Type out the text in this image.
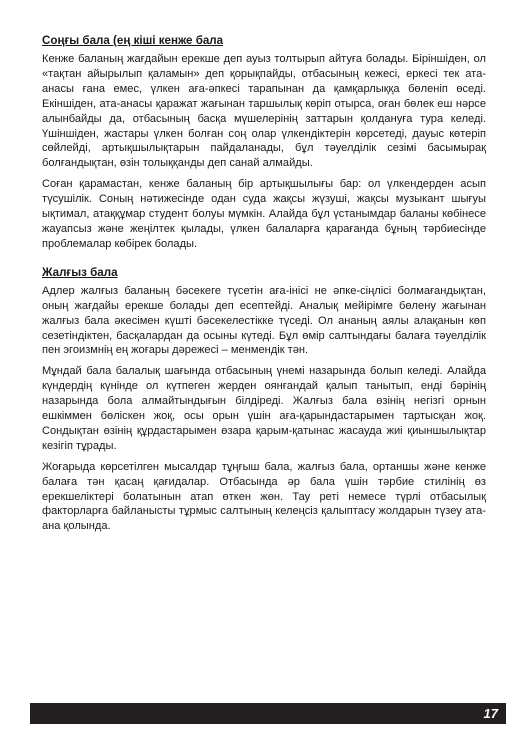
Соңғы бала (ең кіші кенже бала

Кенже баланың жағдайын ерекше деп ауыз толтырып айтуға болады. Біріншіден, ол «тақтан айырылып қаламын» деп қорықпайды, отбасының кежесі, еркесі тек ата-анасы ғана емес, үлкен аға-әпкесі тарапынан да қамқарлыққа бөленіп өседі. Екіншіден, ата-анасы қаражат жағынан таршылық көріп отырса, оған бөлек еш нәрсе алынбайды да, отбасының басқа мүшелерінің заттарын қолдануға тура келеді. Үшіншіден, жастары үлкен болған соң олар үлкендіктерін көрсетеді, дауыс көтеріп сөйлейді, артықшылықтарын пайдаланады, бұл тәуелділік сезімі басымырақ болғандықтан, өзін толыққанды деп санай алмайды.

Соған қарамастан, кенже баланың бір артықшылығы бар: ол үлкендерден асып түсушілік. Соның нәтижесінде одан суда жақсы жүзуші, жақсы музыкант шығуы ықтимал, атаққұмар студент болуы мүмкін. Алайда бұл үстанымдар баланы көбінесе жауапсыз және жеңілтек қылады, үлкен балаларға қарағанда бұның тәрбиесінде проблемалар көбірек болады.

Жалғыз бала

Адлер жалғыз баланың бәсекеге түсетін аға-інісі не әпке-сіңлісі болмағандықтан, оның жағдайы ерекше болады деп есептейді. Аналық мейірімге бөлену жағынан жалғыз бала әкесімен күшті бәсекелестікке түседі. Ол ананың аялы алақанын көп сезетіндіктен, басқалардан да осыны күтеді. Бұл өмір салтындағы балаға тәуелділік пен эгоизмнің ең жоғары дәрежесі – менмендік тән.

Мұндай бала балалық шағында отбасының үнемі назарында болып келеді. Алайда күндердің күнінде ол күтпеген жерден оянғандай қалып танытып, енді бәрінің назарында бола алмайтындығын білдіреді. Жалғыз бала өзінің негізгі орнын ешкіммен бөліскен жоқ, осы орын үшін аға-қарындастарымен тартысқан жоқ. Сондықтан өзінің құрдастарымен өзара қарым-қатынас жасауда жиі қиыншылықтар кезігіп тұрады.

Жоғарыда көрсетілген мысалдар тұңғыш бала, жалғыз бала, ортаншы және кенже балаға тән қасаң қағидалар. Отбасында әр бала үшін тәрбие стилінің өз ерекшеліктері болатынын атап өткен жөн. Тау реті немесе түрлі отбасылық факторларға байланысты тұрмыс салтының келеңсіз қалыптасу жолдарын түзеу ата-ана қолында.

17
